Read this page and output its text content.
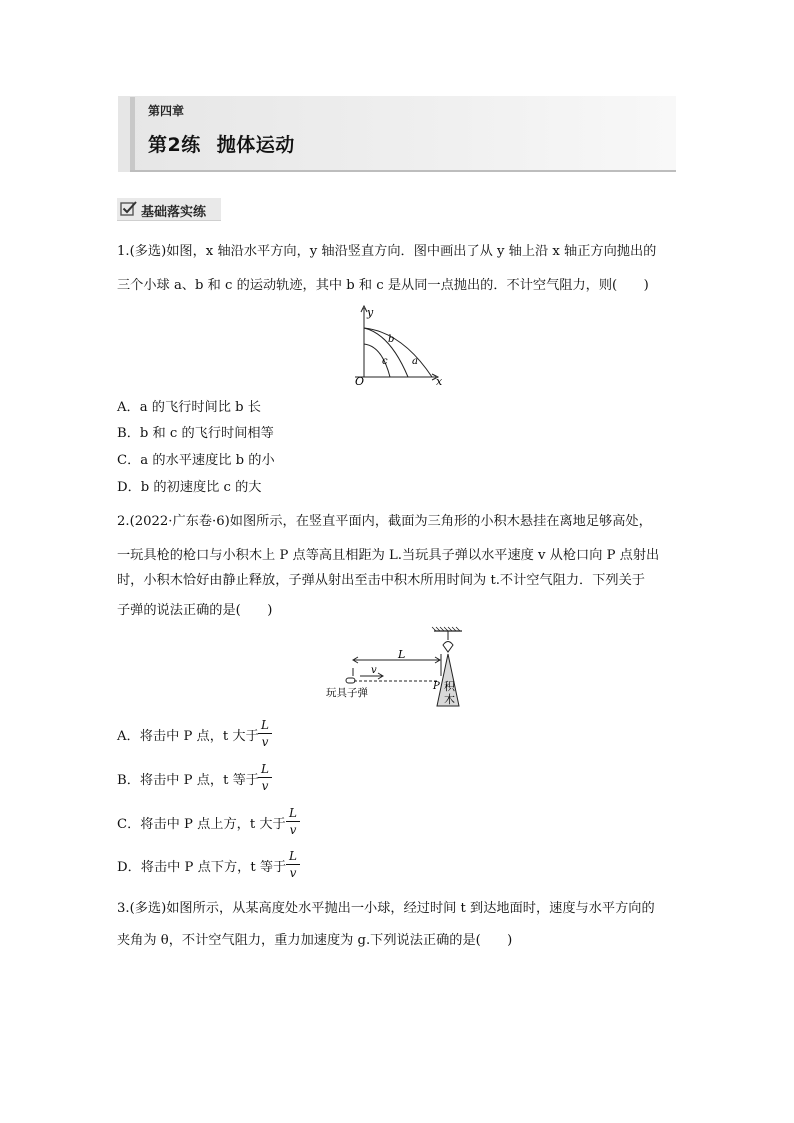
第四章
第2练 抛体运动
基础落实练
1.(多选)如图，x 轴沿水平方向，y 轴沿竖直方向．图中画出了从 y 轴上沿 x 轴正方向抛出的
三个小球 a、b 和 c 的运动轨迹，其中 b 和 c 是从同一点抛出的．不计空气阻力，则(　　)
y
x
O
a
b
c
A．a 的飞行时间比 b 长
B．b 和 c 的飞行时间相等
C．a 的水平速度比 b 的小
D．b 的初速度比 c 的大
2.(2022·广东卷·6)如图所示，在竖直平面内，截面为三角形的小积木悬挂在离地足够高处，
一玩具枪的枪口与小积木上 P 点等高且相距为 L.当玩具子弹以水平速度 v 从枪口向 P 点射出
时，小积木恰好由静止释放，子弹从射出至击中积木所用时间为 t.不计空气阻力．下列关于
子弹的说法正确的是(　　)
L
v
P
玩具子弹	积
木
A．将击中 P 点，t 大于
L
v
B．将击中 P 点，t 等于
L
v
C．将击中 P 点上方，t 大于
L
v
D．将击中 P 点下方，t 等于
L
v
3.(多选)如图所示，从某高度处水平抛出一小球，经过时间 t 到达地面时，速度与水平方向的
夹角为 θ，不计空气阻力，重力加速度为 g.下列说法正确的是(　　)
